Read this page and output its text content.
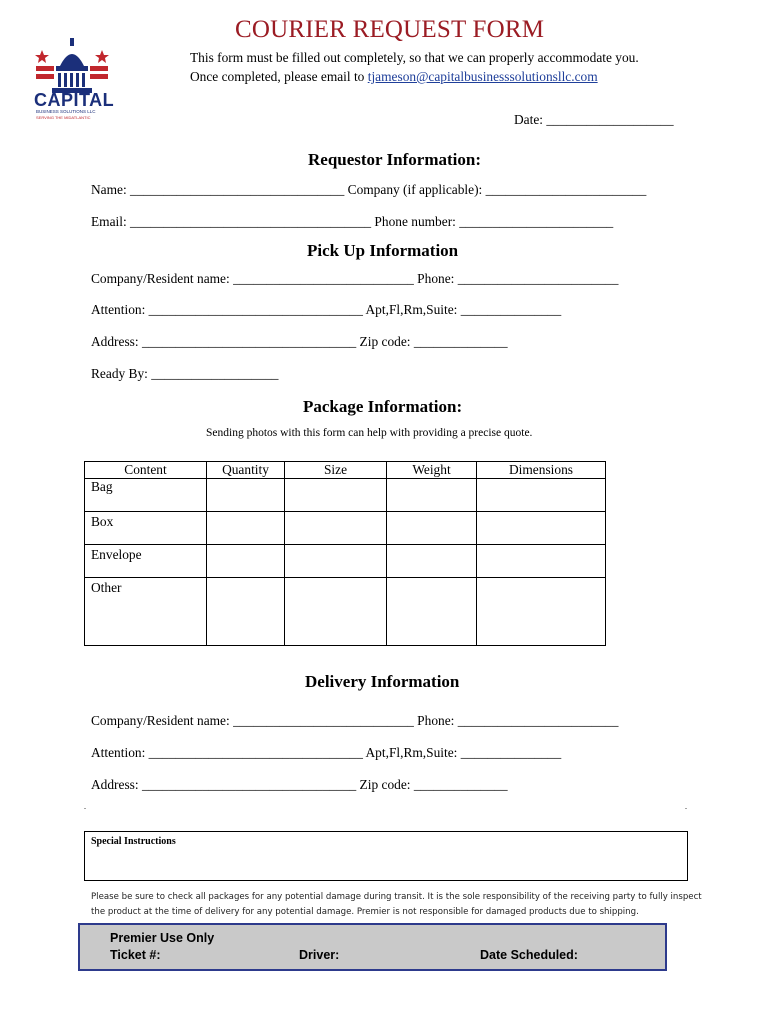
CAPITAL
BUSINESS SOLUTIONS LLC
SERVING THE MIDATLANTIC
COURIER REQUEST FORM
This form must be filled out completely, so that we can properly accommodate you.
Once completed, please email to tjameson@capitalbusinesssolutionsllc.com
Date: ___________________
Requestor Information:
Name: ________________________________ Company (if applicable): ________________________
Email: ____________________________________ Phone number: _______________________
Pick Up Information
Company/Resident name: ___________________________ Phone: ________________________
Attention: ________________________________ Apt,Fl,Rm,Suite: _______________
Address: ________________________________ Zip code: ______________
Ready By: ___________________
Package Information:
Sending photos with this form can help with providing a precise quote.
Content	Quantity	Size	Weight	Dimensions
Bag				
Box				
Envelope				
Other				
Delivery Information
Company/Resident name: ___________________________ Phone: ________________________
Attention: ________________________________ Apt,Fl,Rm,Suite: _______________
Address: ________________________________ Zip code: ______________
.	.
Special Instructions
Please be sure to check all packages for any potential damage during transit. It is the sole responsibility of the receiving party to fully inspect
the product at the time of delivery for any potential damage. Premier is not responsible for damaged products due to shipping.
Premier Use Only
Ticket #:	Driver:	Date Scheduled:
